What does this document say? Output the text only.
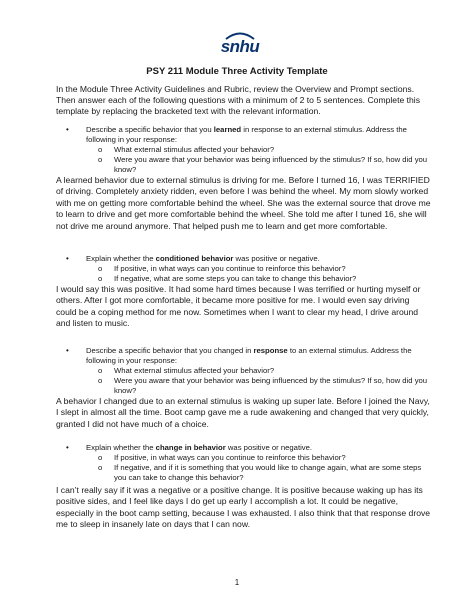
snhu
PSY 211 Module Three Activity Template
In the Module Three Activity Guidelines and Rubric, review the Overview and Prompt sections. Then answer each of the following questions with a minimum of 2 to 5 sentences. Complete this template by replacing the bracketed text with the relevant information.
• Describe a specific behavior that you learned in response to an external stimulus. Address the following in your response:
o What external stimulus affected your behavior?
o Were you aware that your behavior was being influenced by the stimulus? If so, how did you know?
A learned behavior due to external stimulus is driving for me. Before I turned 16, I was TERRIFIED of driving. Completely anxiety ridden, even before I was behind the wheel. My mom slowly worked with me on getting more comfortable behind the wheel. She was the external source that drove me to learn to drive and get more comfortable behind the wheel. She told me after I tuned 16, she will not drive me around anymore. That helped push me to learn and get more comfortable.
• Explain whether the conditioned behavior was positive or negative.
o If positive, in what ways can you continue to reinforce this behavior?
o If negative, what are some steps you can take to change this behavior?
I would say this was positive. It had some hard times because I was terrified or hurting myself or others. After I got more comfortable, it became more positive for me. I would even say driving could be a coping method for me now. Sometimes when I want to clear my head, I drive around and listen to music.
• Describe a specific behavior that you changed in response to an external stimulus. Address the following in your response:
o What external stimulus affected your behavior?
o Were you aware that your behavior was being influenced by the stimulus? If so, how did you know?
A behavior I changed due to an external stimulus is waking up super late. Before I joined the Navy, I slept in almost all the time. Boot camp gave me a rude awakening and changed that very quickly, granted I did not have much of a choice.
• Explain whether the change in behavior was positive or negative.
o If positive, in what ways can you continue to reinforce this behavior?
o If negative, and if it is something that you would like to change again, what are some steps you can take to change this behavior?
I can’t really say if it was a negative or a positive change. It is positive because waking up has its positive sides, and I feel like days I do get up early I accomplish a lot. It could be negative, especially in the boot camp setting, because I was exhausted. I also think that that response drove me to sleep in insanely late on days that I can now.
1
